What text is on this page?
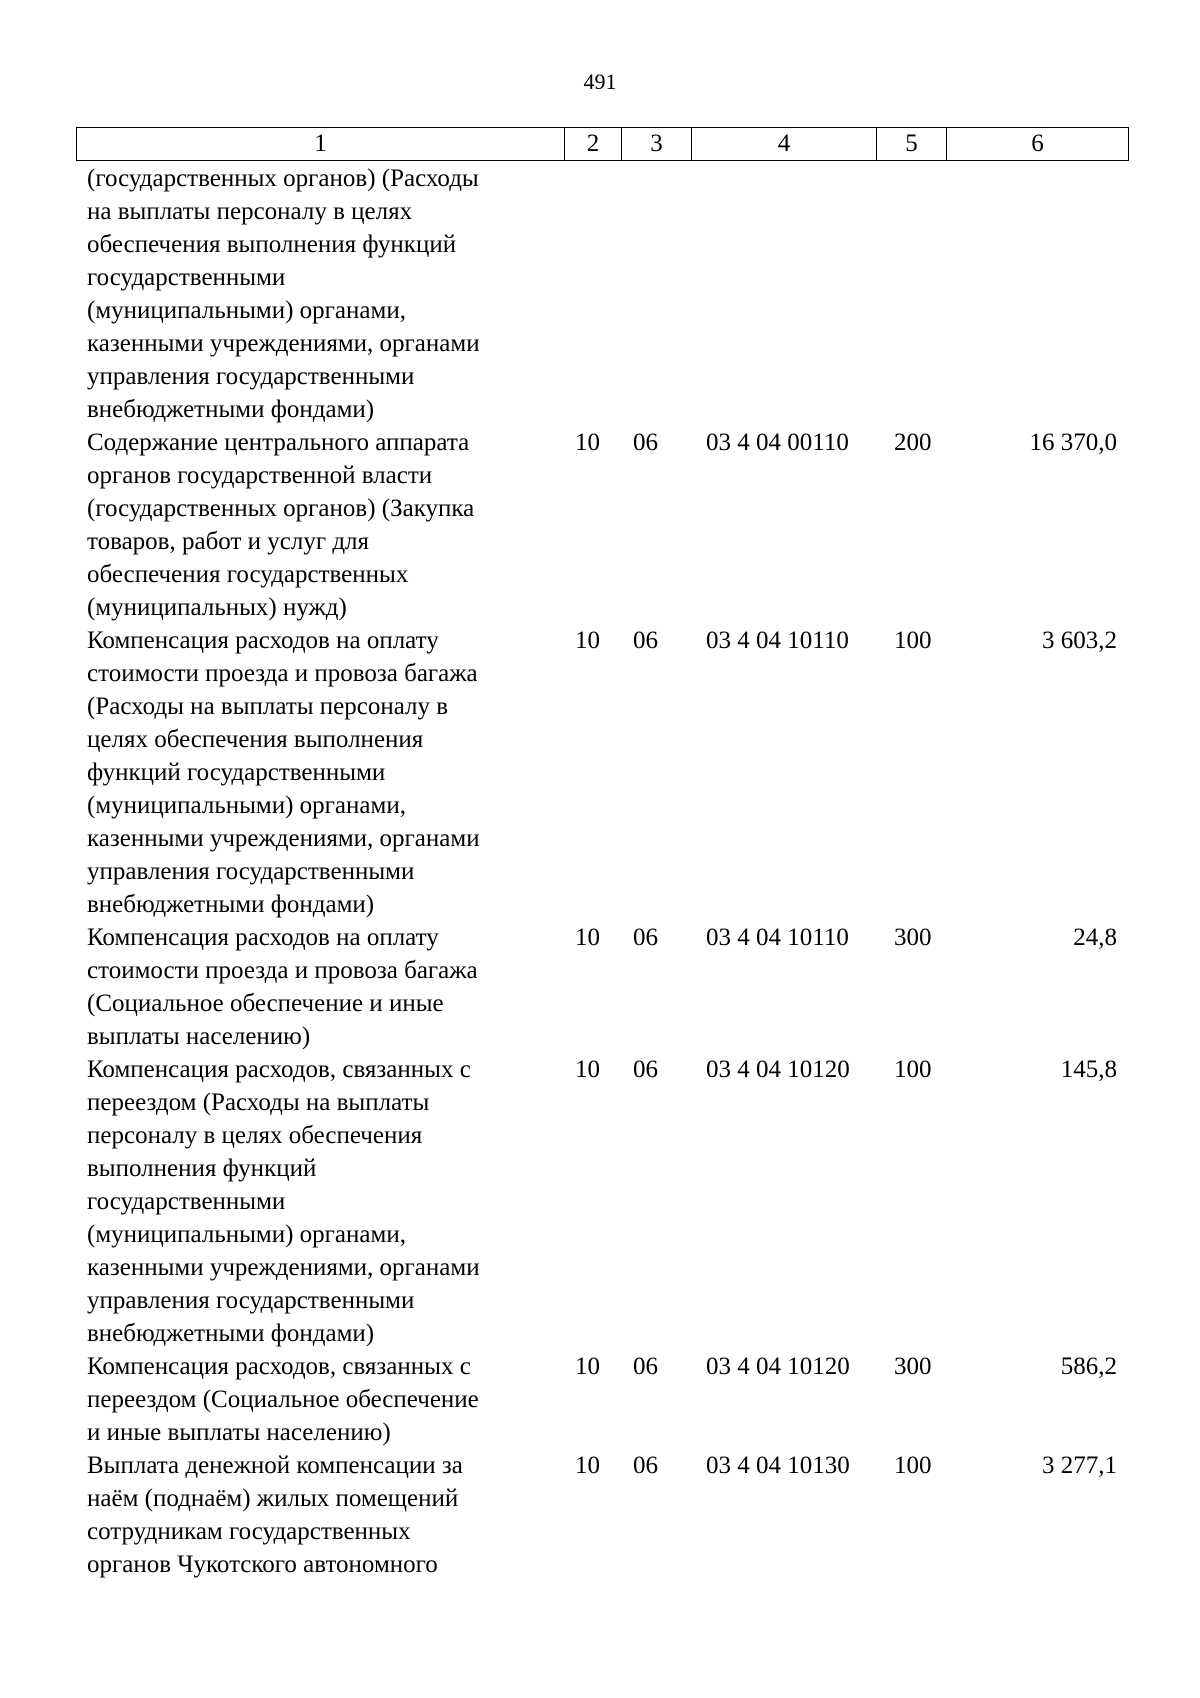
491
1	2	3	4	5	6
(государственных органов) (Расходы
на выплаты персоналу в целях
обеспечения выполнения функций
государственными
(муниципальными) органами,
казенными учреждениями, органами
управления государственными
внебюджетными фондами)
Содержание центрального аппарата
органов государственной власти
(государственных органов) (Закупка
товаров, работ и услуг для
обеспечения государственных
(муниципальных) нужд)
10	06	03 4 04 00110	200	16 370,0
Компенсация расходов на оплату
стоимости проезда и провоза багажа
(Расходы на выплаты персоналу в
целях обеспечения выполнения
функций государственными
(муниципальными) органами,
казенными учреждениями, органами
управления государственными
внебюджетными фондами)
10	06	03 4 04 10110	100	3 603,2
Компенсация расходов на оплату
стоимости проезда и провоза багажа
(Социальное обеспечение и иные
выплаты населению)
10	06	03 4 04 10110	300	24,8
Компенсация расходов, связанных с
переездом (Расходы на выплаты
персоналу в целях обеспечения
выполнения функций
государственными
(муниципальными) органами,
казенными учреждениями, органами
управления государственными
внебюджетными фондами)
10	06	03 4 04 10120	100	145,8
Компенсация расходов, связанных с
переездом (Социальное обеспечение
и иные выплаты населению)
10	06	03 4 04 10120	300	586,2
Выплата денежной компенсации за
наём (поднаём) жилых помещений
сотрудникам государственных
органов Чукотского автономного
10	06	03 4 04 10130	100	3 277,1
